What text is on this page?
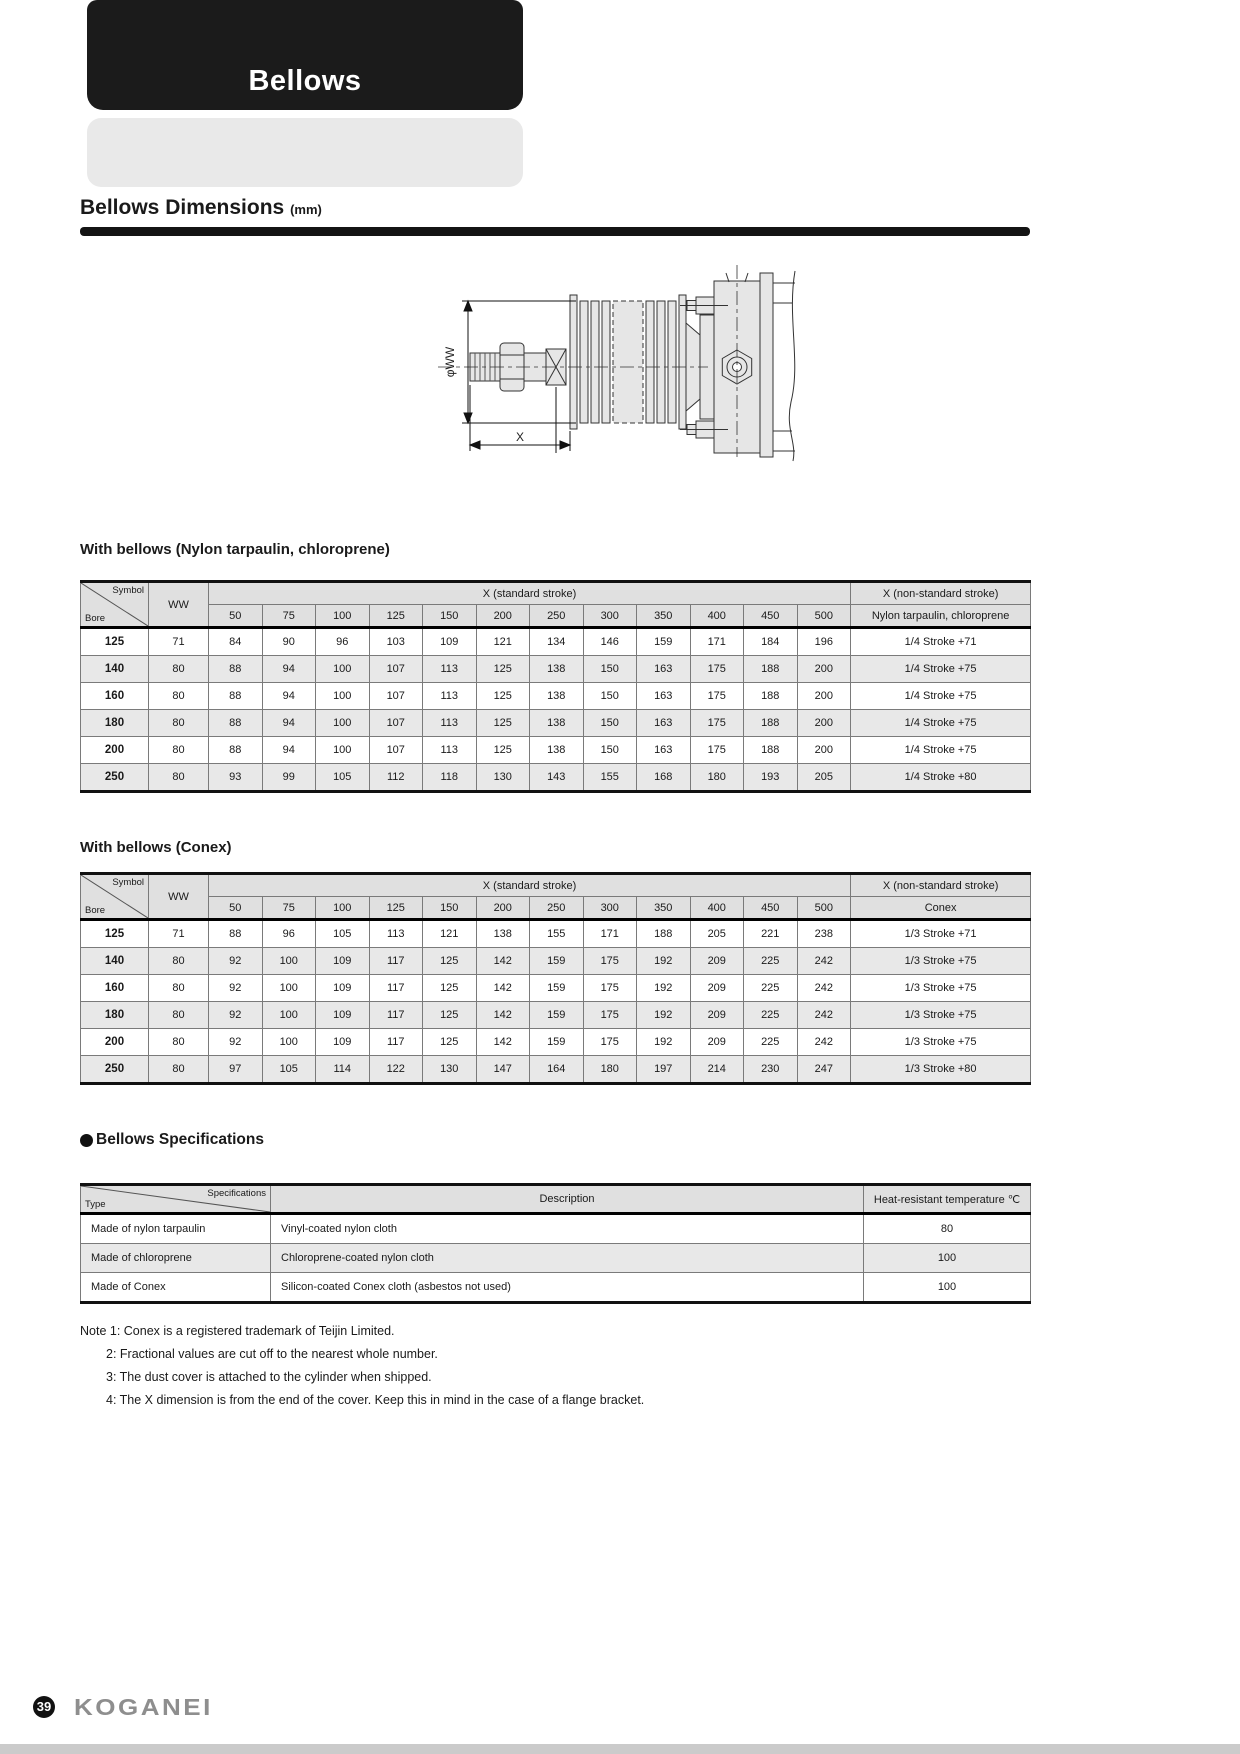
Bellows
Bellows Dimensions (mm)
φWW
X
With bellows (Nylon tarpaulin, chloroprene)
Symbol
Bore	WW	X (standard stroke)												X (non-standard stroke)
		50	75	100	125	150	200	250	300	350	400	450	500	Nylon tarpaulin, chloroprene
125	71	84	90	96	103	109	121	134	146	159	171	184	196	1/4 Stroke +71
140	80	88	94	100	107	113	125	138	150	163	175	188	200	1/4 Stroke +75
160	80	88	94	100	107	113	125	138	150	163	175	188	200	1/4 Stroke +75
180	80	88	94	100	107	113	125	138	150	163	175	188	200	1/4 Stroke +75
200	80	88	94	100	107	113	125	138	150	163	175	188	200	1/4 Stroke +75
250	80	93	99	105	112	118	130	143	155	168	180	193	205	1/4 Stroke +80
With bellows (Conex)
Symbol
Bore	WW	X (standard stroke)												X (non-standard stroke)
		50	75	100	125	150	200	250	300	350	400	450	500	Conex
125	71	88	96	105	113	121	138	155	171	188	205	221	238	1/3 Stroke +71
140	80	92	100	109	117	125	142	159	175	192	209	225	242	1/3 Stroke +75
160	80	92	100	109	117	125	142	159	175	192	209	225	242	1/3 Stroke +75
180	80	92	100	109	117	125	142	159	175	192	209	225	242	1/3 Stroke +75
200	80	92	100	109	117	125	142	159	175	192	209	225	242	1/3 Stroke +75
250	80	97	105	114	122	130	147	164	180	197	214	230	247	1/3 Stroke +80
Bellows Specifications
Specifications
Type	Description	Heat-resistant temperature ℃
Made of nylon tarpaulin	Vinyl-coated nylon cloth	80
Made of chloroprene	Chloroprene-coated nylon cloth	100
Made of Conex	Silicon-coated Conex cloth (asbestos not used)	100
Note 1: Conex is a registered trademark of Teijin Limited.
2: Fractional values are cut off to the nearest whole number.
3: The dust cover is attached to the cylinder when shipped.
4: The X dimension is from the end of the cover. Keep this in mind in the case of a flange bracket.
39 KOGANEI
